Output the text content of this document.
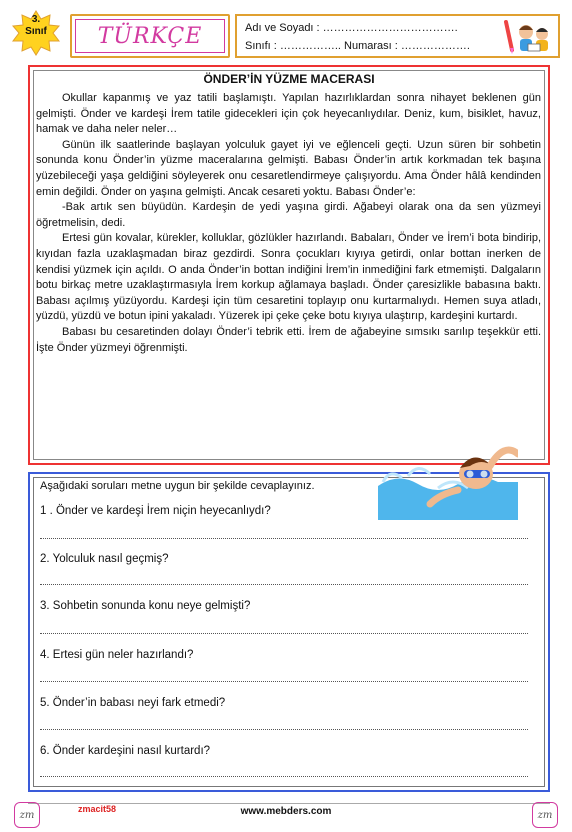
3.
Sınıf	TÜRKÇE	Adı ve Soyadı : ……………………………….
Sınıfı : …………….. Numarası : ……………….
ÖNDER’İN YÜZME MACERASI

Okullar kapanmış ve yaz tatili başlamıştı. Yapılan hazırlıklardan sonra nihayet beklenen gün gelmişti. Önder ve kardeşi İrem tatile gidecekleri için çok heyecanlıydılar. Deniz, kum, bisiklet, havuz, hamak ve daha neler neler…

Günün ilk saatlerinde başlayan yolculuk gayet iyi ve eğlenceli geçti. Uzun süren bir sohbetin sonunda konu Önder’in yüzme maceralarına gelmişti. Babası Önder’in artık korkmadan tek başına yüzebileceği yaşa geldiğini söyleyerek onu cesaretlendirmeye çalışıyordu. Ama Önder hâlâ kendinden emin değildi. Önder on yaşına gelmişti. Ancak cesareti yoktu. Babası Önder’e:

-Bak artık sen büyüdün. Kardeşin de yedi yaşına girdi. Ağabeyi olarak ona da sen yüzmeyi öğretmelisin, dedi.

Ertesi gün kovalar, kürekler, kolluklar, gözlükler hazırlandı. Babaları, Önder ve İrem’i bota bindirip, kıyıdan fazla uzaklaşmadan biraz gezdirdi. Sonra çocukları kıyıya getirdi, onlar bottan inerken de kendisi yüzmek için açıldı. O anda Önder’in bottan indiğini İrem’in inmediğini fark etmemişti. Dalgaların botu birkaç metre uzaklaştırmasıyla İrem korkup ağlamaya başladı. Önder çaresizlikle babasına baktı. Babası açılmış yüzüyordu. Kardeşi için tüm cesaretini toplayıp onu kurtarmalıydı. Hemen suya atladı, yüzdü, yüzdü ve botun ipini yakaladı. Yüzerek ipi çeke çeke botu kıyıya ulaştırıp, kardeşini kurtardı.

Babası bu cesaretinden dolayı Önder’i tebrik etti. İrem de ağabeyine sımsıkı sarılıp teşekkür etti. İşte Önder yüzmeyi öğrenmişti.

Aşağıdaki soruları metne uygun bir şekilde cevaplayınız.
1 . Önder ve kardeşi İrem niçin heyecanlıydı?
2. Yolculuk nasıl geçmiş?
3. Sohbetin sonunda konu neye gelmişti?
4. Ertesi gün neler hazırlandı?
5. Önder’in babası neyi fark etmedi?
6. Önder kardeşini nasıl kurtardı?
zm
zmacit58	www.mebders.com	zm
